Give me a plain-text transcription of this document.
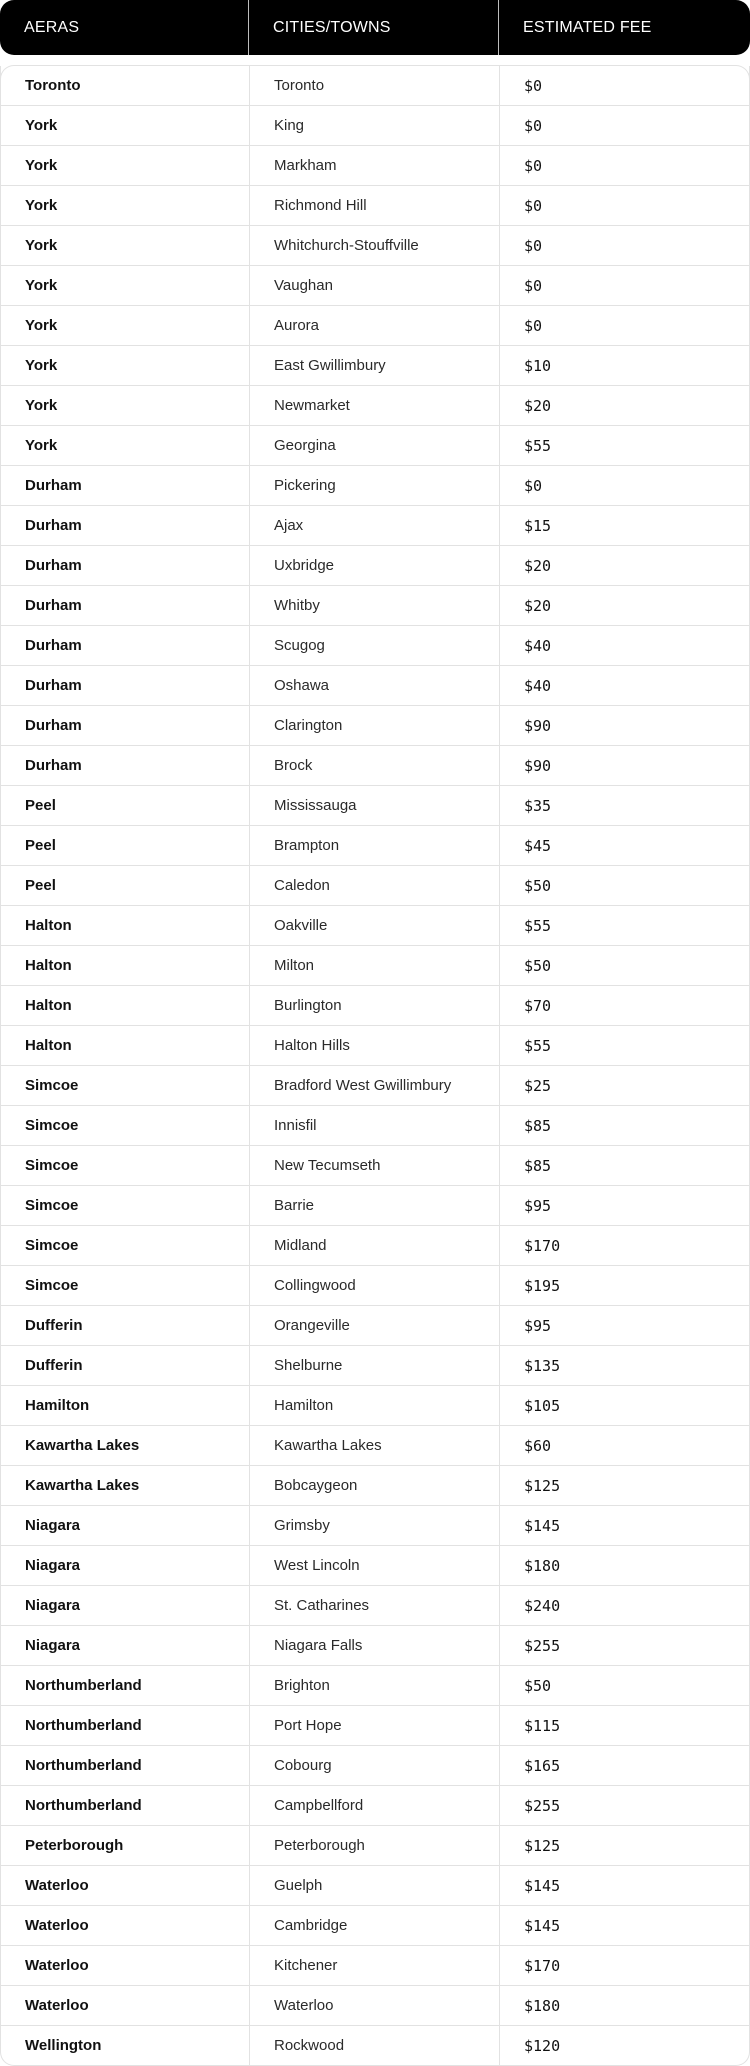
AERAS	CITIES/TOWNS	ESTIMATED FEE
Toronto	Toronto	$0
York	King	$0
York	Markham	$0
York	Richmond Hill	$0
York	Whitchurch-Stouffville	$0
York	Vaughan	$0
York	Aurora	$0
York	East Gwillimbury	$10
York	Newmarket	$20
York	Georgina	$55
Durham	Pickering	$0
Durham	Ajax	$15
Durham	Uxbridge	$20
Durham	Whitby	$20
Durham	Scugog	$40
Durham	Oshawa	$40
Durham	Clarington	$90
Durham	Brock	$90
Peel	Mississauga	$35
Peel	Brampton	$45
Peel	Caledon	$50
Halton	Oakville	$55
Halton	Milton	$50
Halton	Burlington	$70
Halton	Halton Hills	$55
Simcoe	Bradford West Gwillimbury	$25
Simcoe	Innisfil	$85
Simcoe	New Tecumseth	$85
Simcoe	Barrie	$95
Simcoe	Midland	$170
Simcoe	Collingwood	$195
Dufferin	Orangeville	$95
Dufferin	Shelburne	$135
Hamilton	Hamilton	$105
Kawartha Lakes	Kawartha Lakes	$60
Kawartha Lakes	Bobcaygeon	$125
Niagara	Grimsby	$145
Niagara	West Lincoln	$180
Niagara	St. Catharines	$240
Niagara	Niagara Falls	$255
Northumberland	Brighton	$50
Northumberland	Port Hope	$115
Northumberland	Cobourg	$165
Northumberland	Campbellford	$255
Peterborough	Peterborough	$125
Waterloo	Guelph	$145
Waterloo	Cambridge	$145
Waterloo	Kitchener	$170
Waterloo	Waterloo	$180
Wellington	Rockwood	$120
